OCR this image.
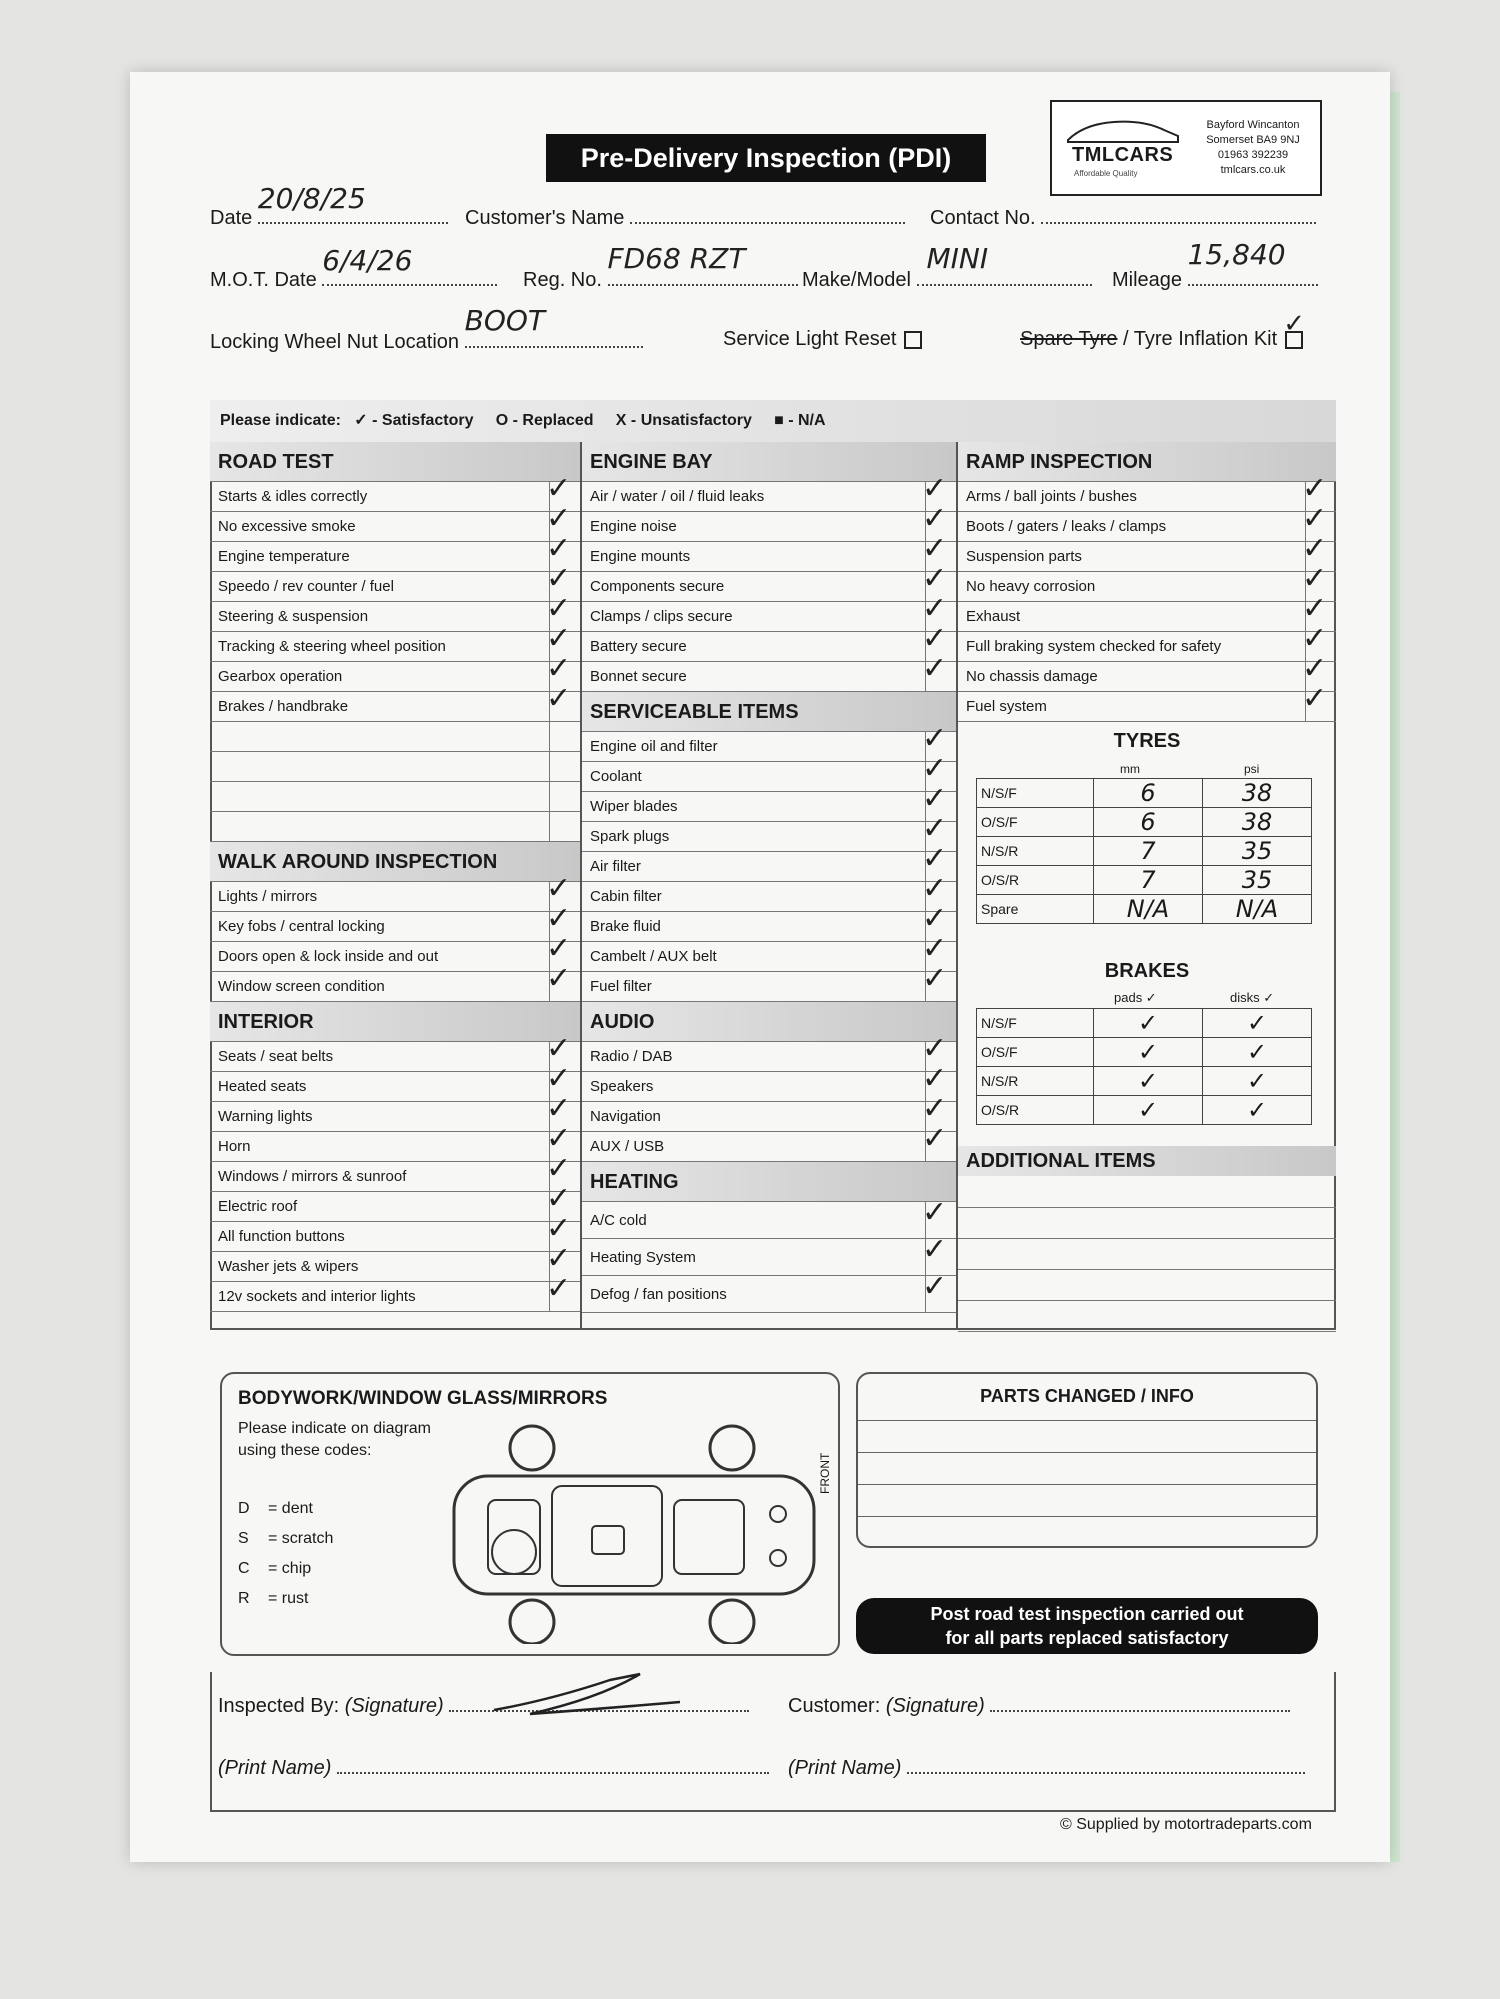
Pre-Delivery Inspection (PDI)	TMLCARS
Affordable Quality
Bayford Wincanton
Somerset BA9 9NJ
01963 392239
tmlcars.co.uk
Date
20/8/25
Customer's Name	Contact No.
M.O.T. Date
6/4/26
Reg. No.
FD68 RZT
Make/Model
MINI
Mileage
15,840
Locking Wheel Nut Location
BOOT
Service Light Reset	Spare Tyre / Tyre Inflation Kit
✓
Please indicate: ✓ - Satisfactory O - Replaced X - Unsatisfactory ■ - N/A
ROAD TEST
Starts & idles correctly	✓
No excessive smoke	✓
Engine temperature	✓
Speedo / rev counter / fuel	✓
Steering & suspension	✓
Tracking & steering wheel position	✓
Gearbox operation	✓
Brakes / handbrake	✓
WALK AROUND INSPECTION
Lights / mirrors	✓
Key fobs / central locking	✓
Doors open & lock inside and out	✓
Window screen condition	✓
INTERIOR
Seats / seat belts	✓
Heated seats	✓
Warning lights	✓
Horn	✓
Windows / mirrors & sunroof	✓
Electric roof	✓
All function buttons	✓
Washer jets & wipers	✓
12v sockets and interior lights	✓
ENGINE BAY
Air / water / oil / fluid leaks	✓
Engine noise	✓
Engine mounts	✓
Components secure	✓
Clamps / clips secure	✓
Battery secure	✓
Bonnet secure	✓
SERVICEABLE ITEMS
Engine oil and filter	✓
Coolant	✓
Wiper blades	✓
Spark plugs	✓
Air filter	✓
Cabin filter	✓
Brake fluid	✓
Cambelt / AUX belt	✓
Fuel filter	✓
AUDIO
Radio / DAB	✓
Speakers	✓
Navigation	✓
AUX / USB	✓
HEATING
A/C cold	✓
Heating System	✓
Defog / fan positions	✓
RAMP INSPECTION
Arms / ball joints / bushes	✓
Boots / gaters / leaks / clamps	✓
Suspension parts	✓
No heavy corrosion	✓
Exhaust	✓
Full braking system checked for safety	✓
No chassis damage	✓
Fuel system	✓
TYRES
mm	psi
N/S/F	6	38
O/S/F	6	38
N/S/R	7	35
O/S/R	7	35
Spare	N/A	N/A
BRAKES
pads ✓	disks ✓
N/S/F	✓	✓
O/S/F	✓	✓
N/S/R	✓	✓
O/S/R	✓	✓
ADDITIONAL ITEMS
BODYWORK/WINDOW GLASS/MIRRORS
Please indicate on diagram using these codes:
D = dent
S = scratch
C = chip
R = rust
FRONT
PARTS CHANGED / INFO
Post road test inspection carried out
for all parts replaced satisfactory
Inspected By: (Signature)	Customer: (Signature)
(Print Name)	(Print Name)
© Supplied by motortradeparts.com
